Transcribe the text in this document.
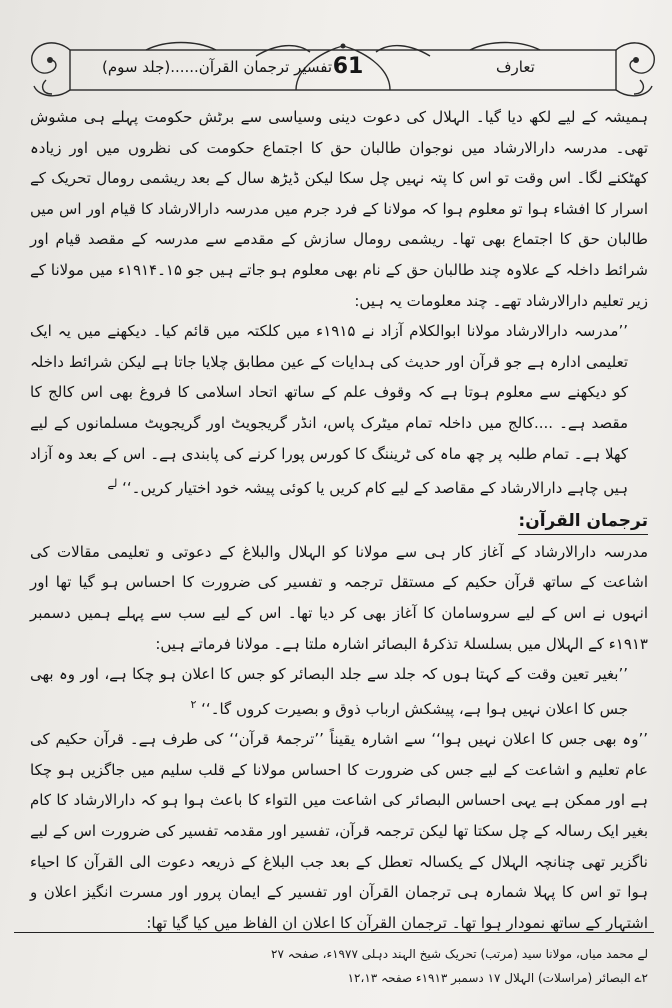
تفسیر ترجمان القرآن......(جلد سوم) 61	تعارف

ہمیشہ کے لیے لکھ دیا گیا۔ الہلال کی دعوت دینی وسیاسی سے برٹش حکومت پہلے ہی مشوش تھی۔ مدرسہ دارالارشاد میں نوجوان طالبان حق کا اجتماع حکومت کی نظروں میں اور زیادہ کھٹکنے لگا۔ اس وقت تو اس کا پتہ نہیں چل سکا لیکن ڈیڑھ سال کے بعد ریشمی رومال تحریک کے اسرار کا افشاء ہوا تو معلوم ہوا کہ مولانا کے فرد جرم میں مدرسہ دارالارشاد کا قیام اور اس میں طالبان حق کا اجتماع بھی تھا۔ ریشمی رومال سازش کے مقدمے سے مدرسہ کے مقصد قیام اور شرائط داخلہ کے علاوہ چند طالبان حق کے نام بھی معلوم ہو جاتے ہیں جو ۱۵۔۱۹۱۴ء میں مولانا کے زیر تعلیم دارالارشاد تھے۔ چند معلومات یہ ہیں:

’’مدرسہ دارالارشاد مولانا ابوالکلام آزاد نے ۱۹۱۵ء میں کلکتہ میں قائم کیا۔ دیکھنے میں یہ ایک تعلیمی ادارہ ہے جو قرآن اور حدیث کی ہدایات کے عین مطابق چلایا جاتا ہے لیکن شرائط داخلہ کو دیکھنے سے معلوم ہوتا ہے کہ وقوف علم کے ساتھ اتحاد اسلامی کا فروغ بھی اس کالج کا مقصد ہے۔ ....کالج میں داخلہ تمام میٹرک پاس، انڈر گریجویٹ اور گریجویٹ مسلمانوں کے لیے کھلا ہے۔ تمام طلبہ پر چھ ماہ کی ٹریننگ کا کورس پورا کرنے کی پابندی ہے۔ اس کے بعد وہ آزاد ہیں چاہے دارالارشاد کے مقاصد کے لیے کام کریں یا کوئی پیشہ خود اختیار کریں۔‘‘ $^{لے}$

ترجمان القرآن:

مدرسہ دارالارشاد کے آغاز کار ہی سے مولانا کو الہلال والبلاغ کے دعوتی و تعلیمی مقالات کی اشاعت کے ساتھ قرآن حکیم کے مستقل ترجمہ و تفسیر کی ضرورت کا احساس ہو گیا تھا اور انہوں نے اس کے لیے سروسامان کا آغاز بھی کر دیا تھا۔ اس کے لیے سب سے پہلے ہمیں دسمبر ۱۹۱۳ء کے الہلال میں بسلسلۂ تذکرۂ البصائر اشارہ ملتا ہے۔ مولانا فرماتے ہیں:

’’بغیر تعین وقت کے کہتا ہوں کہ جلد سے جلد البصائر کو جس کا اعلان ہو چکا ہے، اور وہ بھی جس کا اعلان نہیں ہوا ہے، پیشکش ارباب ذوق و بصیرت کروں گا۔‘‘ $^۲$

’’وہ بھی جس کا اعلان نہیں ہوا‘‘ سے اشارہ یقیناً ’’ترجمۂ قرآن‘‘ کی طرف ہے۔ قرآن حکیم کی عام تعلیم و اشاعت کے لیے جس کی ضرورت کا احساس مولانا کے قلب سلیم میں جاگزیں ہو چکا ہے اور ممکن ہے یہی احساس البصائر کی اشاعت میں التواء کا باعث ہوا ہو کہ دارالارشاد کا کام بغیر ایک رسالہ کے چل سکتا تھا لیکن ترجمہ قرآن، تفسیر اور مقدمہ تفسیر کی ضرورت اس کے لیے ناگزیر تھی چنانچہ الہلال کے یکسالہ تعطل کے بعد جب البلاغ کے ذریعہ دعوت الی القرآن کا احیاء ہوا تو اس کا پہلا شمارہ ہی ترجمان القرآن اور تفسیر کے ایمان پرور اور مسرت انگیز اعلان و اشتہار کے ساتھ نمودار ہوا تھا۔ ترجمان القرآن کا اعلان ان الفاظ میں کیا گیا تھا:

لے محمد میاں، مولانا سید (مرتب) تحریک شیخ الہند دہلی ۱۹۷۷ء، صفحہ ۲۷

۲ے البصائر (مراسلات) الہلال ۱۷ دسمبر ۱۹۱۳ء صفحہ ۱۲،۱۳
